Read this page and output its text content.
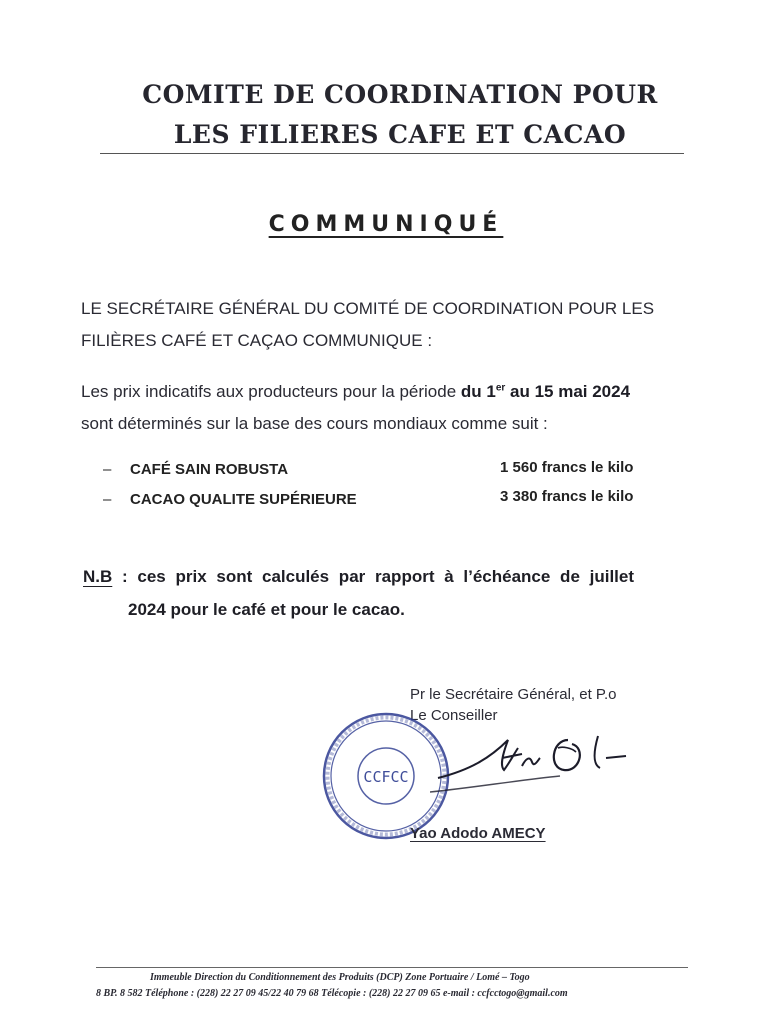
COMITE DE COORDINATION POUR
LES FILIERES CAFE ET CACAO
COMMUNIQUÉ
LE SECRÉTAIRE GÉNÉRAL DU COMITÉ DE COORDINATION POUR LES
FILIÈRES CAFÉ ET CAÇAO COMMUNIQUE :
Les prix indicatifs aux producteurs pour la période du 1er au 15 mai 2024
sont déterminés sur la base des cours mondiaux comme suit :
– CAFÉ SAIN ROBUSTA	1 560 francs le kilo
– CACAO QUALITE SUPÉRIEURE	3 380 francs le kilo
N.B : ces prix sont calculés par rapport à l’échéance de juillet
2024 pour le café et pour le cacao.
Pr le Secrétaire Général, et P.o
Le Conseiller
CCFCC
Yao Adodo AMECY
Immeuble Direction du Conditionnement des Produits (DCP) Zone Portuaire / Lomé – Togo
8 BP. 8 582 Téléphone : (228) 22 27 09 45/22 40 79 68 Télécopie : (228) 22 27 09 65 e-mail : ccfcctogo@gmail.com
